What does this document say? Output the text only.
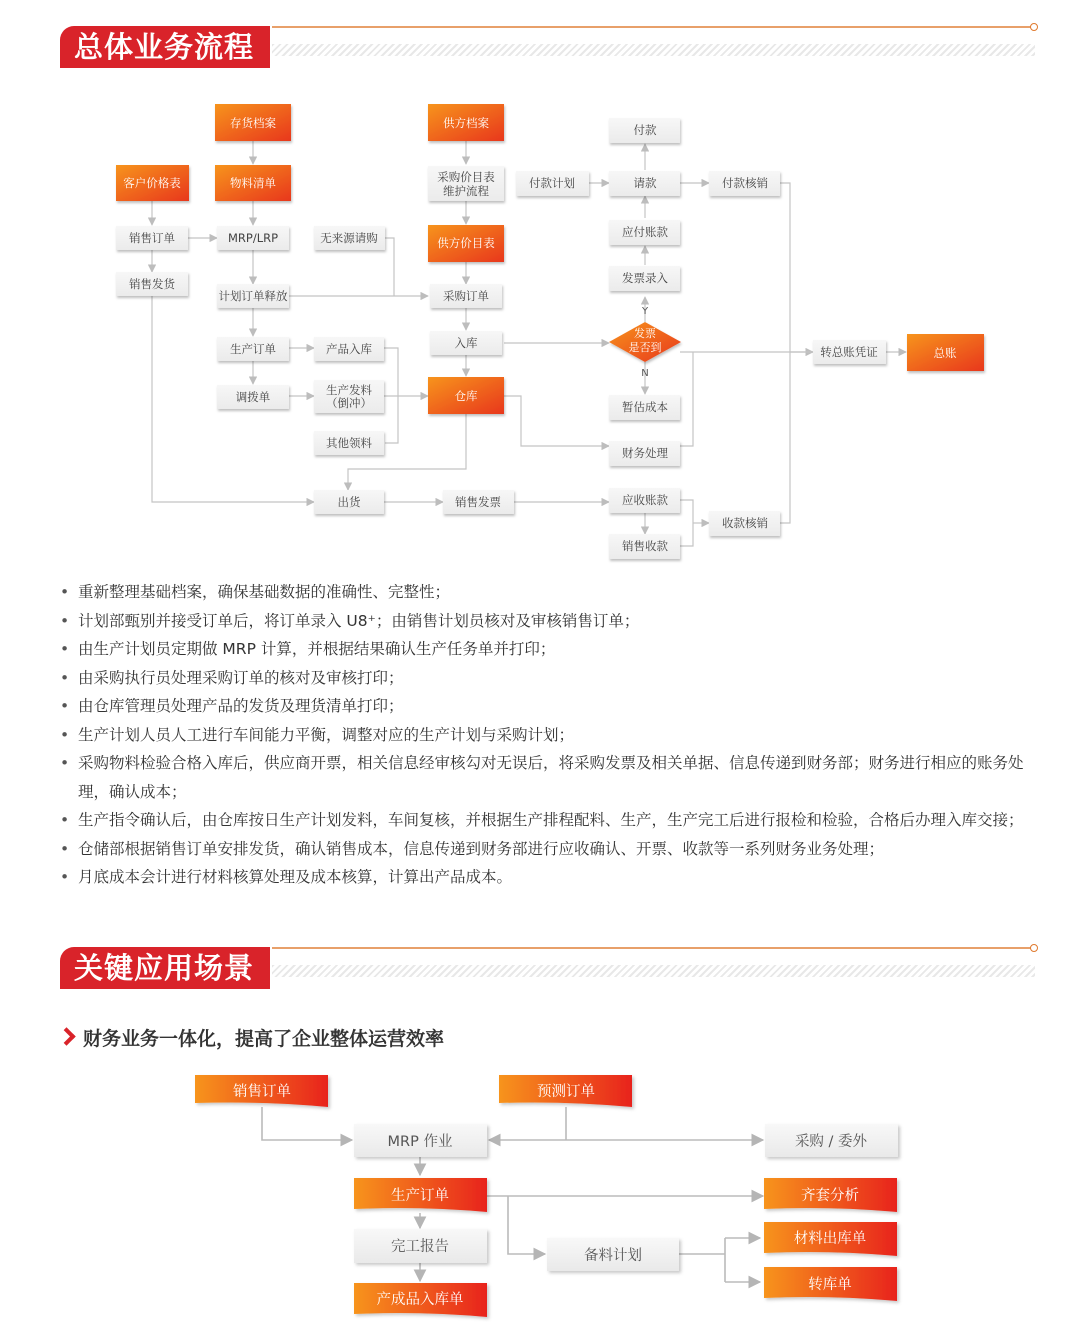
总体业务流程
存货档案	供方档案	付款
客户价格表	物料清单	采购价目表
维护流程
付款计划	请款	付款核销
销售订单	MRP/LRP	无来源请购	供方价目表
应付账款
销售发货	发票录入
计划订单释放	采购订单
Y
发票
是否到
N
入库
生产订单	产品入库	转总账凭证	总账
调拨单	生产发料
（倒冲）	仓库
暂估成本
其他领料
财务处理
出货	销售发票	应收账款
收款核销
销售收款
• 重新整理基础档案，确保基础数据的准确性、完整性；
• 计划部甄别并接受订单后，将订单录入 U8⁺；由销售计划员核对及审核销售订单；
• 由生产计划员定期做 MRP 计算，并根据结果确认生产任务单并打印；
• 由采购执行员处理采购订单的核对及审核打印；
• 由仓库管理员处理产品的发货及理货清单打印；
• 生产计划人员人工进行车间能力平衡，调整对应的生产计划与采购计划；
• 采购物料检验合格入库后，供应商开票，相关信息经审核勾对无误后，将采购发票及相关单据、信息传递到财务部；财务进行相应的账务处理，确认成本；
• 生产指令确认后，由仓库按日生产计划发料，车间复核，并根据生产排程配料、生产，生产完工后进行报检和检验，合格后办理入库交接；
• 仓储部根据销售订单安排发货，确认销售成本，信息传递到财务部进行应收确认、开票、收款等一系列财务业务处理；
• 月底成本会计进行材料核算处理及成本核算，计算出产品成本。
关键应用场景
财务业务一体化，提高了企业整体运营效率
销售订单	预测订单
MRP 作业	采购 / 委外
生产订单	齐套分析
完工报告
备料计划
材料出库单
产成品入库单
转库单
